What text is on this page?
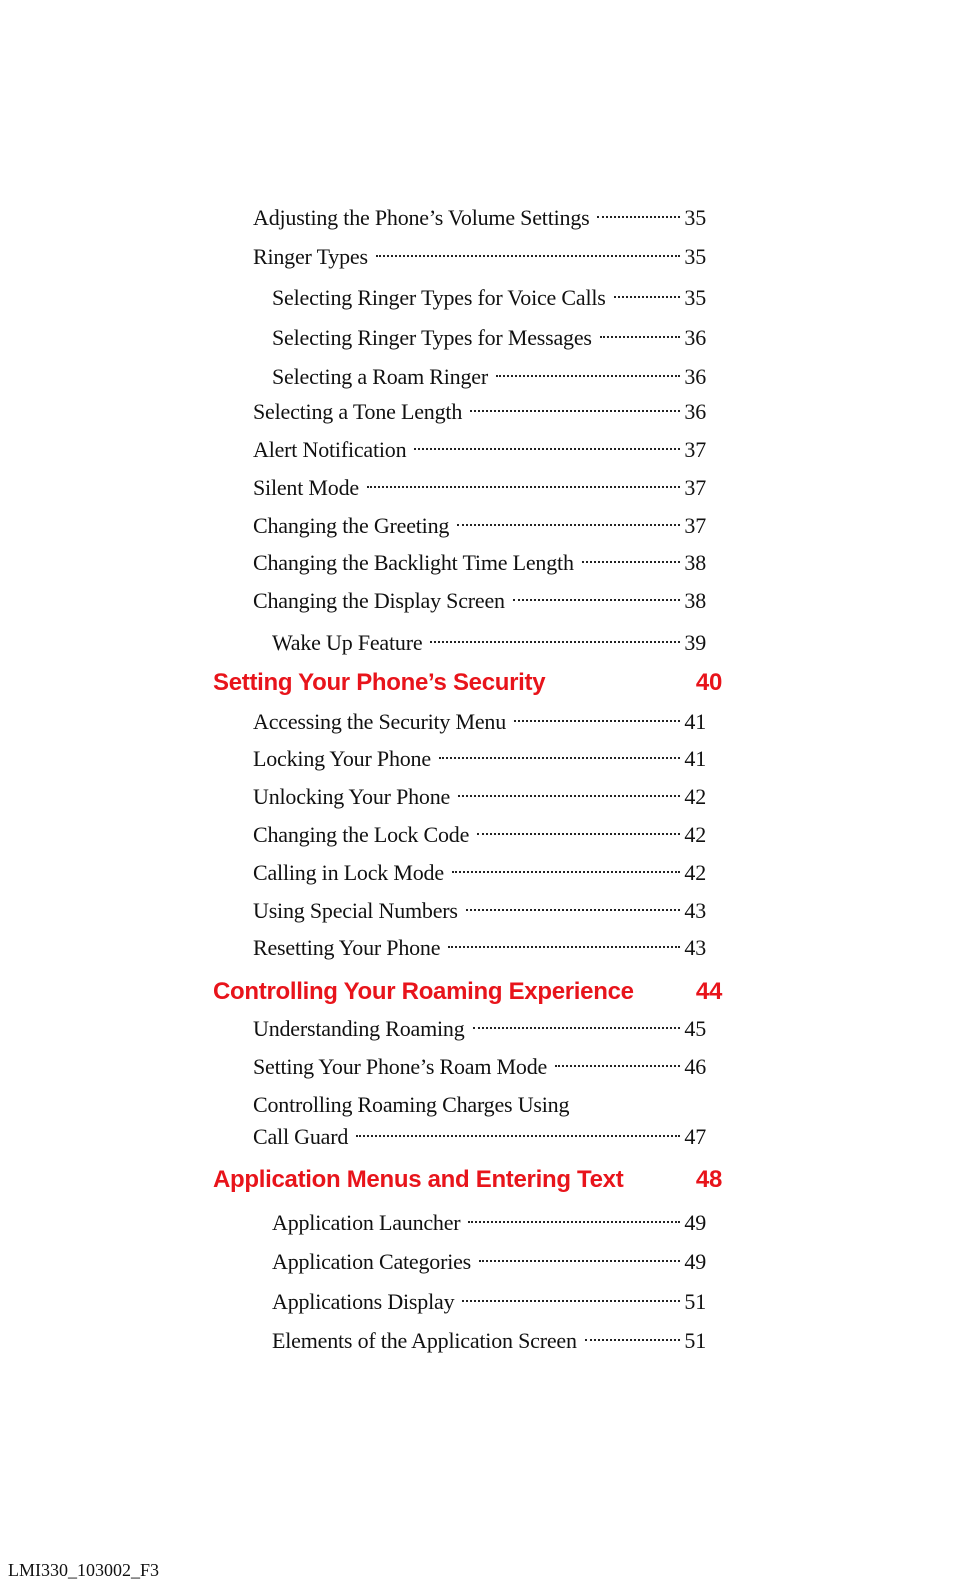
Adjusting the Phone’s Volume Settings	35
Ringer Types	35
Selecting Ringer Types for Voice Calls	35
Selecting Ringer Types for Messages	36
Selecting a Roam Ringer	36
Selecting a Tone Length	36
Alert Notification	37
Silent Mode	37
Changing the Greeting	37
Changing the Backlight Time Length	38
Changing the Display Screen	38
Wake Up Feature	39
Setting Your Phone’s Security	40
Accessing the Security Menu	41
Locking Your Phone	41
Unlocking Your Phone	42
Changing the Lock Code	42
Calling in Lock Mode	42
Using Special Numbers	43
Resetting Your Phone	43
Controlling Your Roaming Experience	44
Understanding Roaming	45
Setting Your Phone’s Roam Mode	46
Controlling Roaming Charges Using
Call Guard	47
Application Menus and Entering Text	48
Application Launcher	49
Application Categories	49
Applications Display	51
Elements of the Application Screen	51
LMI330_103002_F3
